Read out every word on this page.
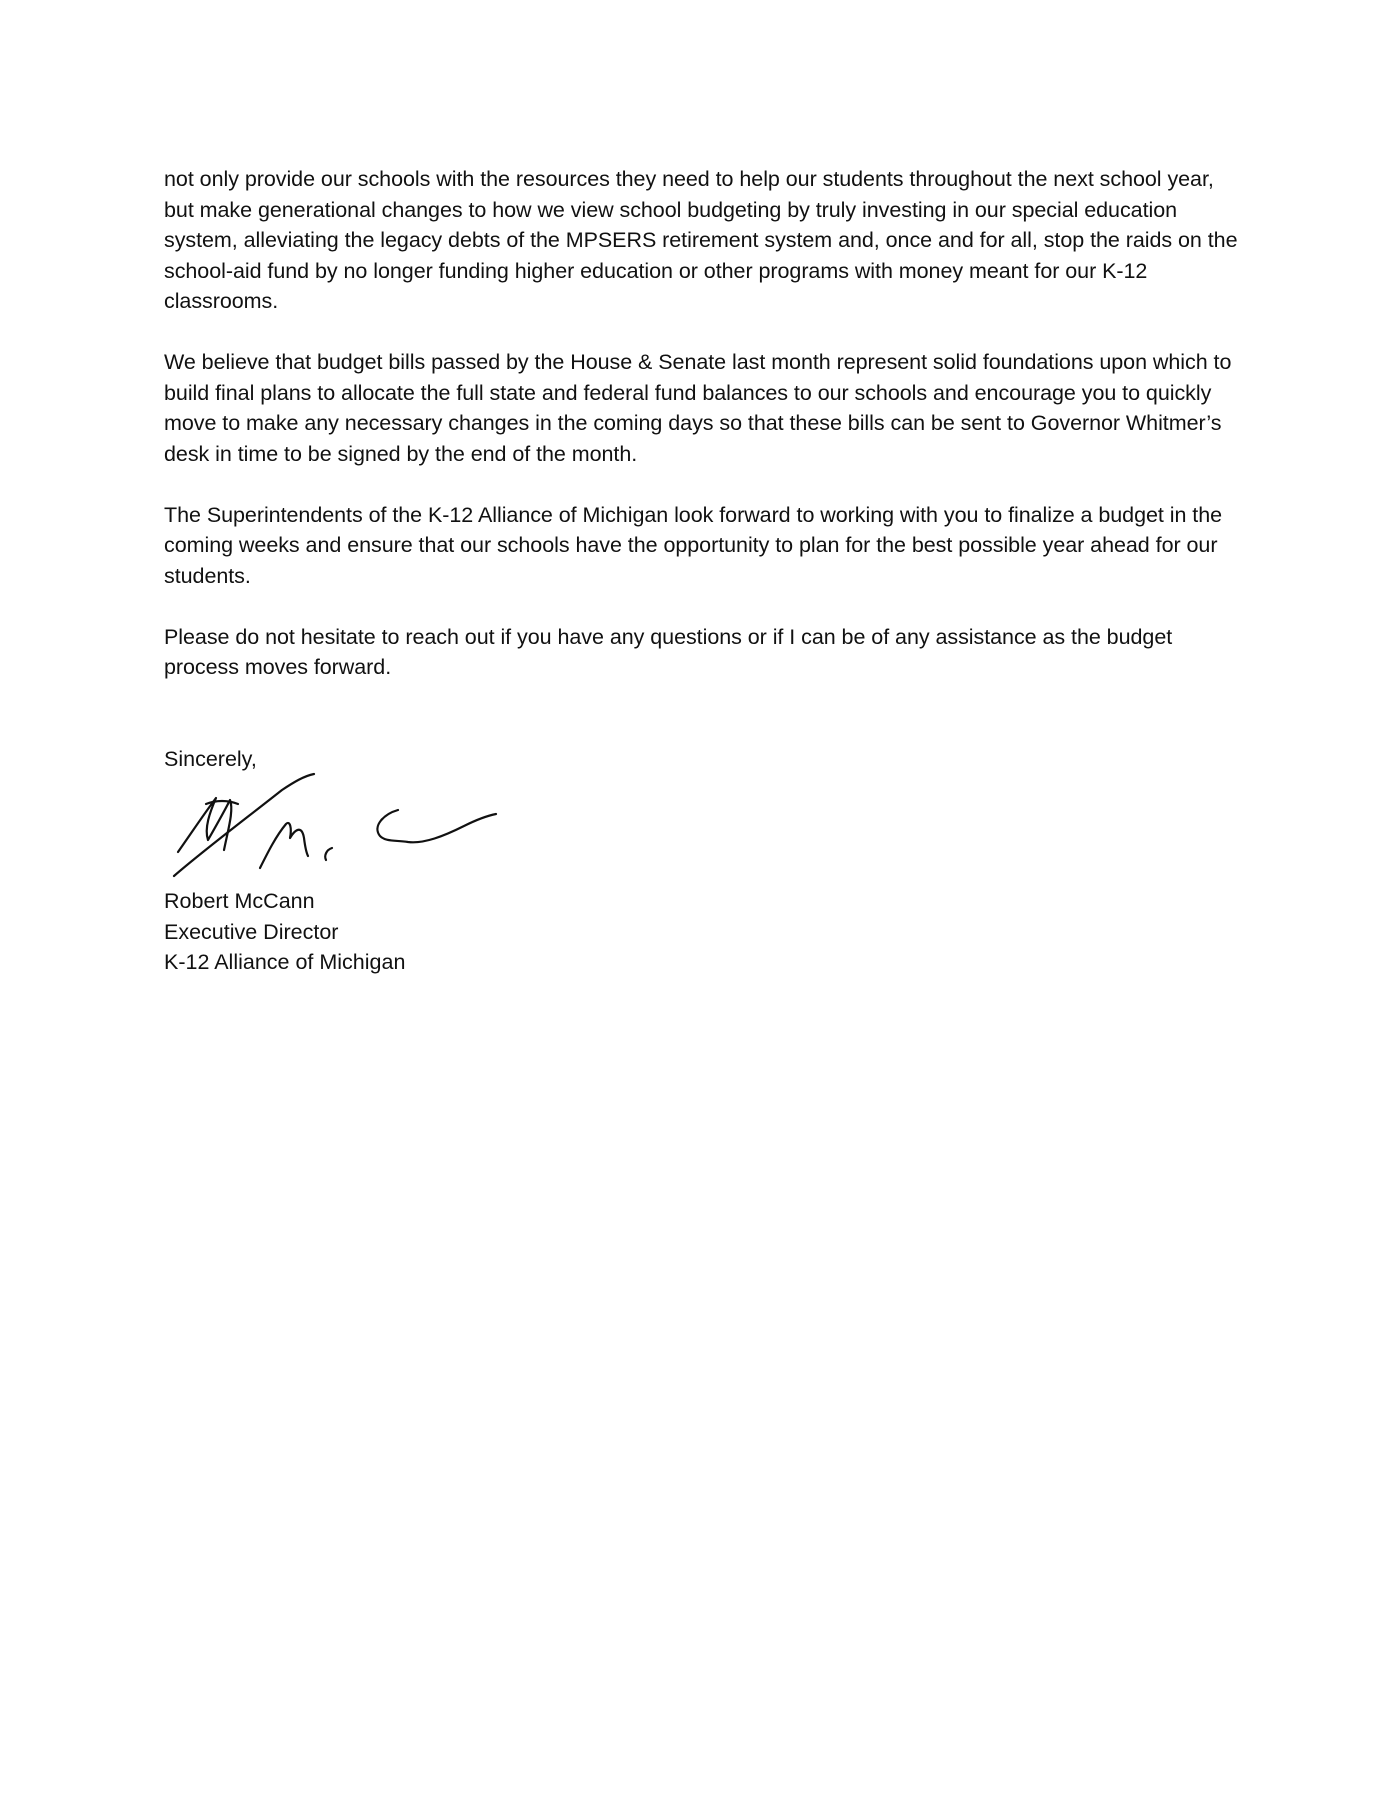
not only provide our schools with the resources they need to help our students throughout the next school year, but make generational changes to how we view school budgeting by truly investing in our special education system, alleviating the legacy debts of the MPSERS retirement system and, once and for all, stop the raids on the school-aid fund by no longer funding higher education or other programs with money meant for our K-12 classrooms.

We believe that budget bills passed by the House & Senate last month represent solid foundations upon which to build final plans to allocate the full state and federal fund balances to our schools and encourage you to quickly move to make any necessary changes in the coming days so that these bills can be sent to Governor Whitmer’s desk in time to be signed by the end of the month.

The Superintendents of the K-12 Alliance of Michigan look forward to working with you to finalize a budget in the coming weeks and ensure that our schools have the opportunity to plan for the best possible year ahead for our students.

Please do not hesitate to reach out if you have any questions or if I can be of any assistance as the budget process moves forward.

Sincerely,
Robert McCann
Executive Director
K-12 Alliance of Michigan
